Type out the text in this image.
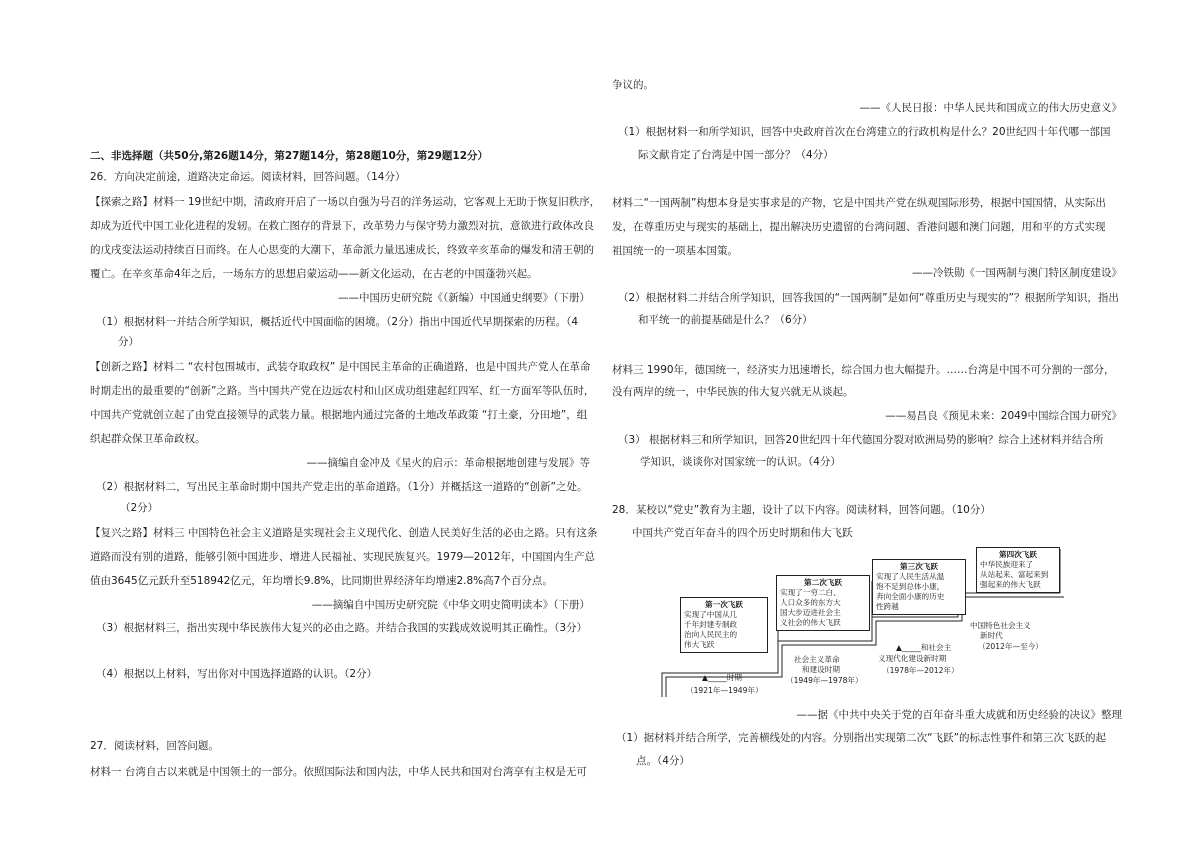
二、非选择题（共50分,第26题14分，第27题14分，第28题10分，第29题12分）
26．方向决定前途，道路决定命运。阅读材料，回答问题。（14分）
【探索之路】材料一 19世纪中期，清政府开启了一场以自强为号召的洋务运动，它客观上无助于恢复旧秩序，
却成为近代中国工业化进程的发轫。在救亡图存的背景下，改革势力与保守势力激烈对抗，意欲进行政体改良
的戊戌变法运动持续百日而终。在人心思变的大潮下，革命派力量迅速成长，终致辛亥革命的爆发和清王朝的
覆亡。在辛亥革命4年之后，一场东方的思想启蒙运动——新文化运动，在古老的中国蓬勃兴起。
——中国历史研究院《（新编）中国通史纲要》（下册）
（1）根据材料一并结合所学知识，概括近代中国面临的困境。（2分）指出中国近代早期探索的历程。（4
分）
【创新之路】材料二 “农村包围城市，武装夺取政权” 是中国民主革命的正确道路，也是中国共产党人在革命
时期走出的最重要的“创新”之路。当中国共产党在边远农村和山区成功组建起红四军、红一方面军等队伍时，
中国共产党就创立起了由党直接领导的武装力量。根据地内通过完备的土地改革政策 “打土豪，分田地”，组
织起群众保卫革命政权。
——摘编自金冲及《星火的启示：革命根据地创建与发展》等
（2）根据材料二，写出民主革命时期中国共产党走出的革命道路。（1分）并概括这一道路的“创新”之处。
（2分）
【复兴之路】材料三 中国特色社会主义道路是实现社会主义现代化、创造人民美好生活的必由之路。只有这条
道路而没有别的道路，能够引领中国进步、增进人民福祉、实现民族复兴。1979—2012年，中国国内生产总
值由3645亿元跃升至518942亿元，年均增长9.8%，比同期世界经济年均增速2.8%高7个百分点。
——摘编自中国历史研究院《中华文明史简明读本》（下册）
（3）根据材料三，指出实现中华民族伟大复兴的必由之路。并结合我国的实践成效说明其正确性。（3分）
（4）根据以上材料，写出你对中国选择道路的认识。（2分）
27．阅读材料，回答问题。
材料一 台湾自古以来就是中国领土的一部分。依照国际法和国内法，中华人民共和国对台湾享有主权是无可
争议的。
——《人民日报：中华人民共和国成立的伟大历史意义》
（1）根据材料一和所学知识，回答中央政府首次在台湾建立的行政机构是什么？20世纪四十年代哪一部国
际文献肯定了台湾是中国一部分？（4分）
材料二“一国两制”构想本身是实事求是的产物，它是中国共产党在纵观国际形势，根据中国国情，从实际出
发，在尊重历史与现实的基础上，提出解决历史遗留的台湾问题、香港问题和澳门问题，用和平的方式实现
祖国统一的一项基本国策。
——冷铁勋《一国两制与澳门特区制度建设》
（2）根据材料二并结合所学知识，回答我国的“一国两制”是如何“尊重历史与现实的”？根据所学知识，指出
和平统一的前提基础是什么？（6分）
材料三 1990年，德国统一，经济实力迅速增长，综合国力也大幅提升。……台湾是中国不可分割的一部分，
没有两岸的统一，中华民族的伟大复兴就无从谈起。
——易昌良《预见未来：2049中国综合国力研究》
（3） 根据材料三和所学知识，回答20世纪四十年代德国分裂对欧洲局势的影响？综合上述材料并结合所
学知识，谈谈你对国家统一的认识。（4分）
28．某校以“党史”教育为主题，设计了以下内容。阅读材料，回答问题。（10分）
中国共产党百年奋斗的四个历史时期和伟大飞跃
第一次飞跃
实现了中国从几
千年封建专制政
治向人民民主的
伟大飞跃
第二次飞跃
实现了一穷二白、
人口众多的东方大
国大步迈进社会主
义社会的伟大飞跃
第三次飞跃
实现了人民生活从温
饱不足到总体小康，
奔向全面小康的历史
性跨越
第四次飞跃
中华民族迎来了
从站起来、富起来到
强起来的伟大飞跃
▲_____时期
（1921年—1949年）
社会主义革命
和建设时期
（1949年—1978年）
▲_____和社会主
义现代化建设新时期
（1978年—2012年）
中国特色社会主义
新时代
（2012年—至今）
——据《中共中央关于党的百年奋斗重大成就和历史经验的决议》整理
（1）据材料并结合所学，完善横线处的内容。分别指出实现第二次“飞跃”的标志性事件和第三次飞跃的起
点。（4分）
